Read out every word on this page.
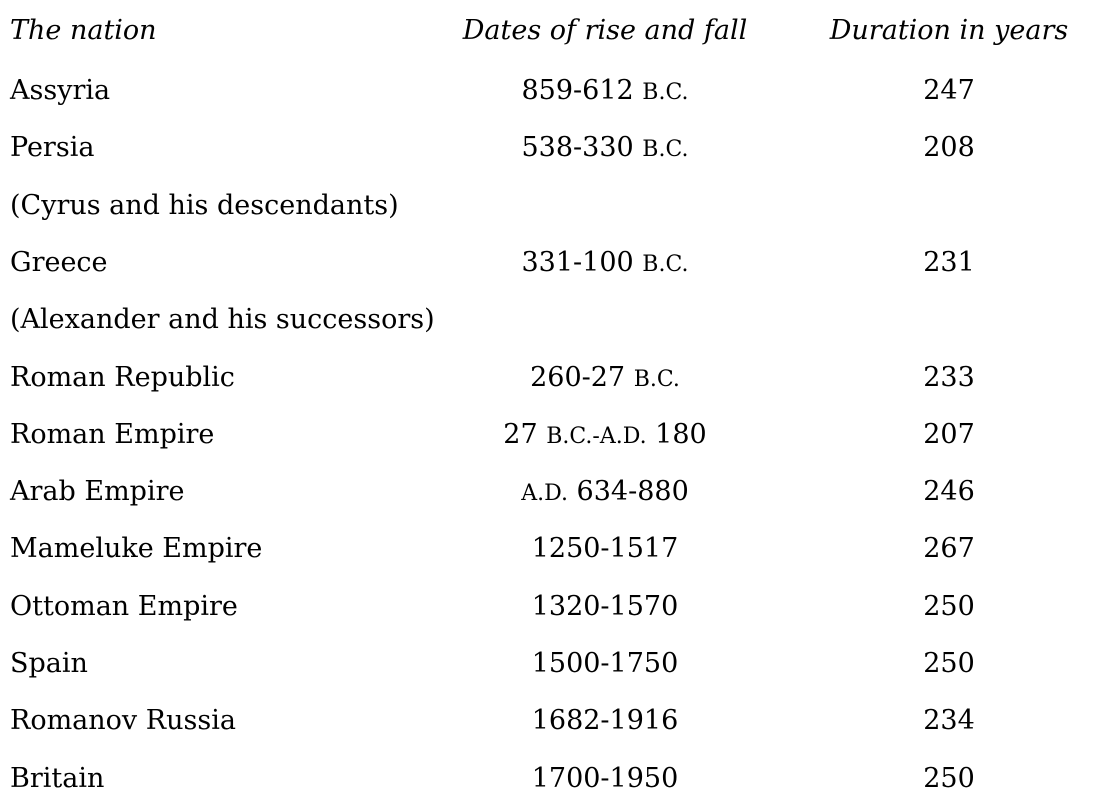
The nation	Dates of rise and fall	Duration in years
Assyria	859-612 B.C.	247
Persia	538-330 B.C.	208
(Cyrus and his descendants)
Greece	331-100 B.C.	231
(Alexander and his successors)
Roman Republic	260-27 B.C.	233
Roman Empire	27 B.C.-A.D. 180	207
Arab Empire	A.D. 634-880	246
Mameluke Empire	1250-1517	267
Ottoman Empire	1320-1570	250
Spain	1500-1750	250
Romanov Russia	1682-1916	234
Britain	1700-1950	250
